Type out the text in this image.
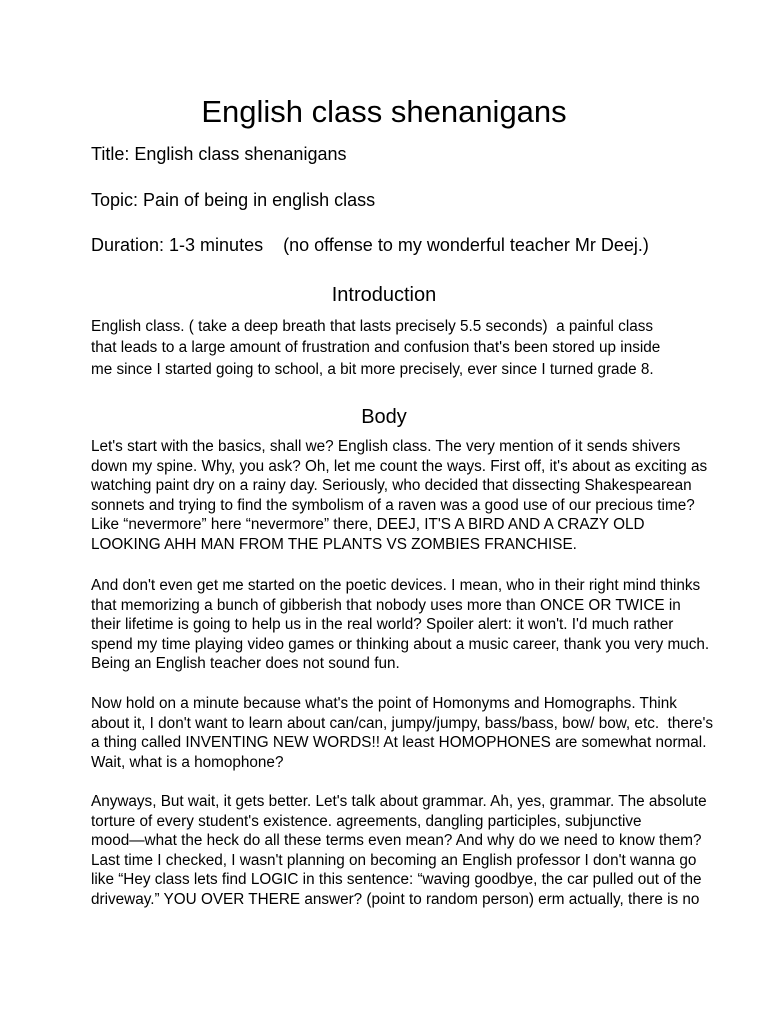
English class shenanigans
Title: English class shenanigans
Topic: Pain of being in english class
Duration: 1-3 minutes    (no offense to my wonderful teacher Mr Deej.)
Introduction
English class. ( take a deep breath that lasts precisely 5.5 seconds)  a painful class
that leads to a large amount of frustration and confusion that's been stored up inside
me since I started going to school, a bit more precisely, ever since I turned grade 8.
Body
Let's start with the basics, shall we? English class. The very mention of it sends shivers
down my spine. Why, you ask? Oh, let me count the ways. First off, it's about as exciting as
watching paint dry on a rainy day. Seriously, who decided that dissecting Shakespearean
sonnets and trying to find the symbolism of a raven was a good use of our precious time?
Like “nevermore” here “nevermore” there, DEEJ, IT'S A BIRD AND A CRAZY OLD
LOOKING AHH MAN FROM THE PLANTS VS ZOMBIES FRANCHISE.
And don't even get me started on the poetic devices. I mean, who in their right mind thinks
that memorizing a bunch of gibberish that nobody uses more than ONCE OR TWICE in
their lifetime is going to help us in the real world? Spoiler alert: it won't. I'd much rather
spend my time playing video games or thinking about a music career, thank you very much.
Being an English teacher does not sound fun.
Now hold on a minute because what's the point of Homonyms and Homographs. Think
about it, I don't want to learn about can/can, jumpy/jumpy, bass/bass, bow/ bow, etc.  there's
a thing called INVENTING NEW WORDS!! At least HOMOPHONES are somewhat normal.
Wait, what is a homophone?
Anyways, But wait, it gets better. Let's talk about grammar. Ah, yes, grammar. The absolute
torture of every student's existence. agreements, dangling participles, subjunctive
mood—what the heck do all these terms even mean? And why do we need to know them?
Last time I checked, I wasn't planning on becoming an English professor I don't wanna go
like “Hey class lets find LOGIC in this sentence: “waving goodbye, the car pulled out of the
driveway.” YOU OVER THERE answer? (point to random person) erm actually, there is no
